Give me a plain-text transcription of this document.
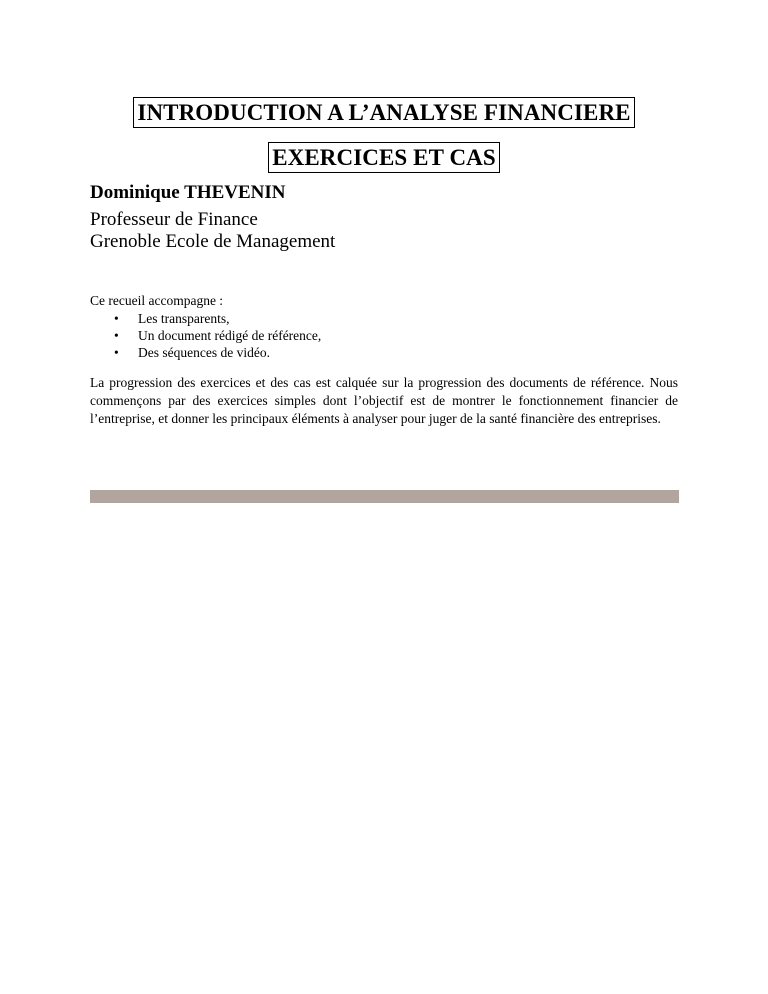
INTRODUCTION A L’ANALYSE FINANCIERE
EXERCICES ET CAS
Dominique THEVENIN
Professeur de Finance
Grenoble Ecole de Management
Ce recueil accompagne :
• Les transparents,
• Un document rédigé de référence,
• Des séquences de vidéo.
La progression des exercices et des cas est calquée sur la progression des documents de référence. Nous commençons par des exercices simples dont l’objectif est de montrer le fonctionnement financier de l’entreprise, et donner les principaux éléments à analyser pour juger de la santé financière des entreprises.
